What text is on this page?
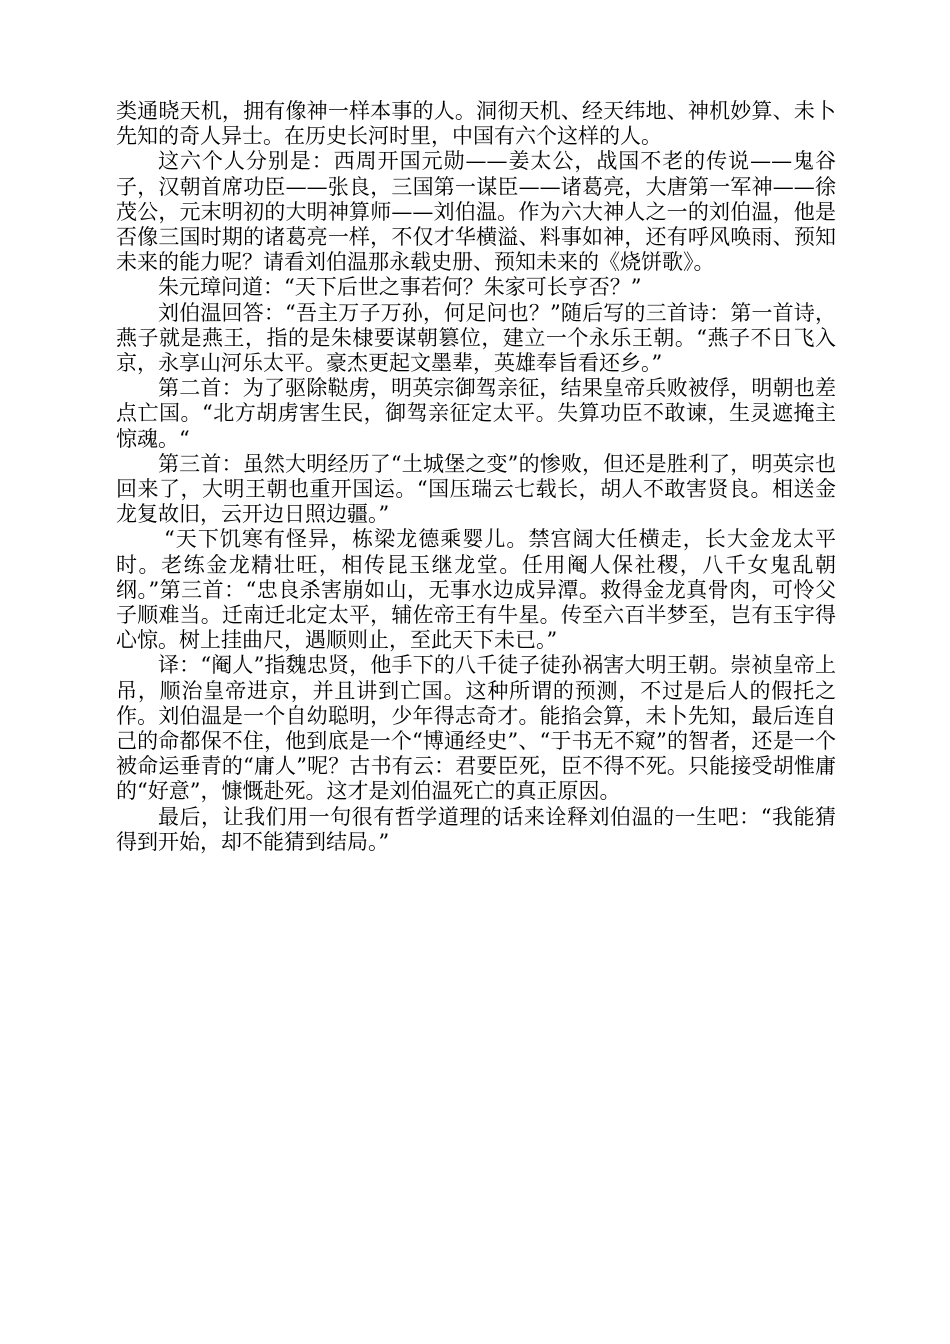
类通晓天机，拥有像神一样本事的人。洞彻天机、经天纬地、神机妙算、未卜先知的奇人异士。在历史长河时里，中国有六个这样的人。

这六个人分别是：西周开国元勋——姜太公，战国不老的传说——鬼谷子，汉朝首席功臣——张良，三国第一谋臣——诸葛亮，大唐第一军神——徐茂公，元末明初的大明神算师——刘伯温。作为六大神人之一的刘伯温，他是否像三国时期的诸葛亮一样，不仅才华横溢、料事如神，还有呼风唤雨、预知未来的能力呢？请看刘伯温那永载史册、预知未来的《烧饼歌》。

朱元璋问道：“天下后世之事若何？朱家可长亨否？”

刘伯温回答：“吾主万子万孙，何足问也？”随后写的三首诗：第一首诗，燕子就是燕王，指的是朱棣要谋朝篡位，建立一个永乐王朝。“燕子不日飞入京，永享山河乐太平。豪杰更起文墨辈，英雄奉旨看还乡。”

第二首：为了驱除鞑虏，明英宗御驾亲征，结果皇帝兵败被俘，明朝也差点亡国。“北方胡虏害生民，御驾亲征定太平。失算功臣不敢谏，生灵遮掩主惊魂。“

第三首：虽然大明经历了“土城堡之变”的惨败，但还是胜利了，明英宗也回来了，大明王朝也重开国运。“国压瑞云七载长，胡人不敢害贤良。相送金龙复故旧，云开边日照边疆。”

“天下饥寒有怪异，栋梁龙德乘婴儿。禁宫阔大任横走，长大金龙太平时。老练金龙精壮旺，相传昆玉继龙堂。任用阉人保社稷，八千女鬼乱朝纲。”第三首：“忠良杀害崩如山，无事水边成异潭。救得金龙真骨肉，可怜父子顺难当。迁南迁北定太平，辅佐帝王有牛星。传至六百半梦至，岂有玉宇得心惊。树上挂曲尺，遇顺则止，至此天下未已。”

译：“阉人”指魏忠贤，他手下的八千徒子徒孙祸害大明王朝。崇祯皇帝上吊，顺治皇帝进京，并且讲到亡国。这种所谓的预测，不过是后人的假托之作。刘伯温是一个自幼聪明，少年得志奇才。能掐会算，未卜先知，最后连自己的命都保不住，他到底是一个“博通经史”、“于书无不窥”的智者，还是一个被命运垂青的“庸人”呢？古书有云：君要臣死，臣不得不死。只能接受胡惟庸的“好意”，慷慨赴死。这才是刘伯温死亡的真正原因。

最后，让我们用一句很有哲学道理的话来诠释刘伯温的一生吧：“我能猜得到开始，却不能猜到结局。”
